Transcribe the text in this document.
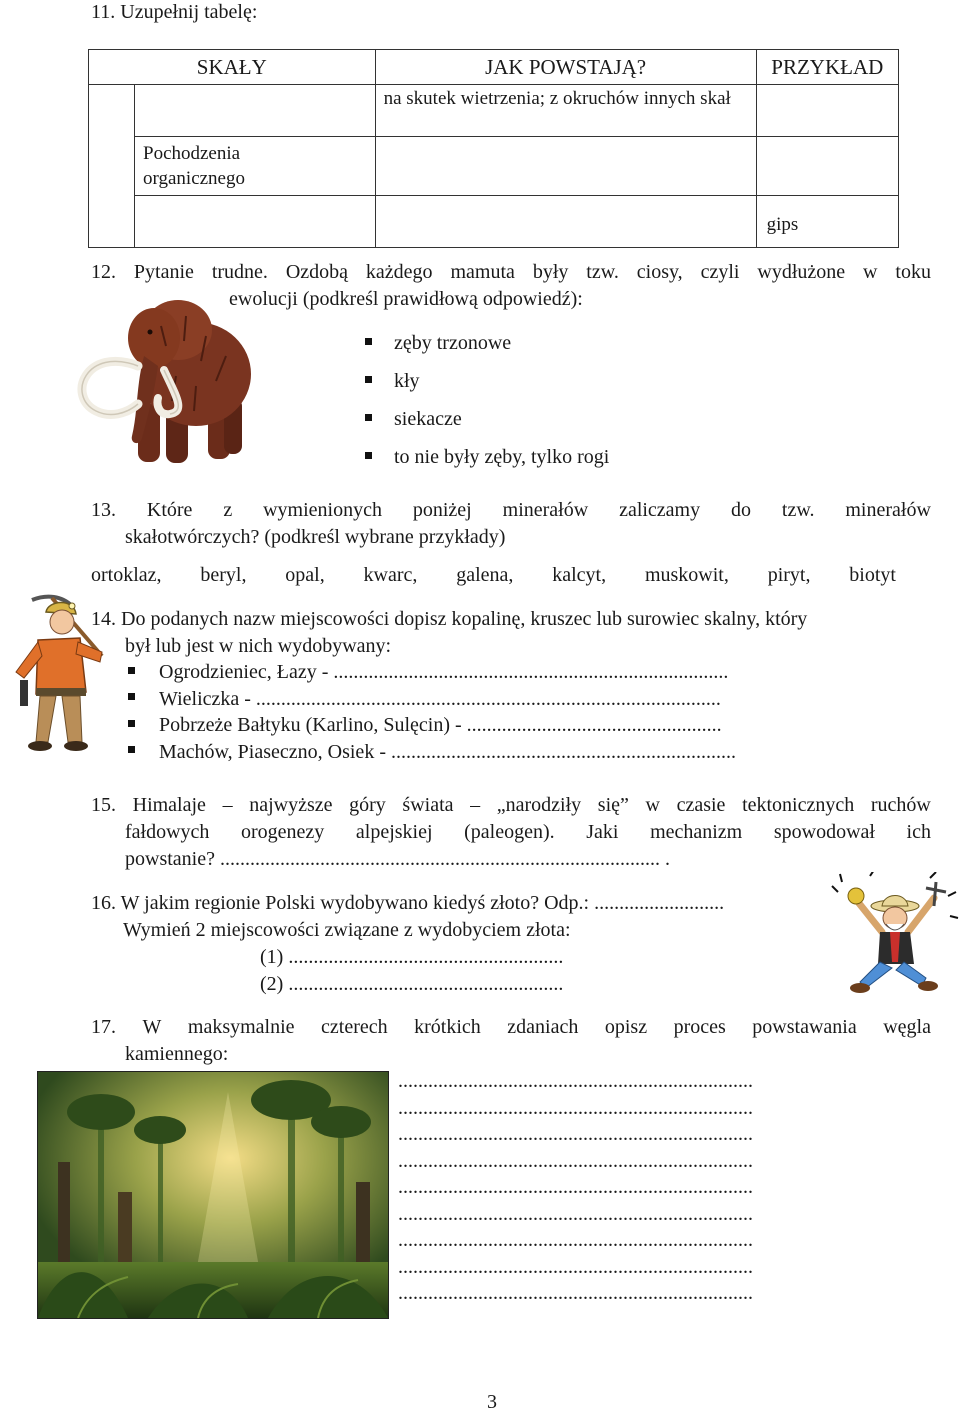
11. Uzupełnij tabelę:
SKAŁY		JAK POWSTAJĄ?	PRZYKŁAD

		na skutek wietrzenia; z okruchów innych skał	

	Pochodzenia organicznego		

			gips
12. Pytanie trudne. Ozdobą każdego mamuta były tzw. ciosy, czyli wydłużone w toku
ewolucji (podkreśl prawidłową odpowiedź):
zęby trzonowe
kły
siekacze
to nie były zęby, tylko rogi
13. Które z wymienionych poniżej minerałów zaliczamy do tzw. minerałów
skałotwórczych? (podkreśl wybrane przykłady)
ortoklaz, beryl, opal, kwarc, galena, kalcyt, muskowit, piryt, biotyt
14. Do podanych nazw miejscowości dopisz kopalinę, kruszec lub surowiec skalny, który
był lub jest w nich wydobywany:
Ogrodzieniec, Łazy - ...............................................................................
Wieliczka - .............................................................................................
Pobrzeże Bałtyku (Karlino, Sulęcin) - ...................................................
Machów, Piaseczno, Osiek - .....................................................................
15. Himalaje – najwyższe góry świata – „narodziły się” w czasie tektonicznych ruchów
fałdowych orogenezy alpejskiej (paleogen). Jaki mechanizm spowodował ich
powstanie? ........................................................................................ .
16. W jakim regionie Polski wydobywano kiedyś złoto? Odp.: ..........................
Wymień 2 miejscowości związane z wydobyciem złota:
(1) .......................................................
(2) .......................................................
17. W maksymalnie czterech krótkich zdaniach opisz proces powstawania węgla
kamiennego:
.......................................................................
.......................................................................
.......................................................................
.......................................................................
.......................................................................
.......................................................................
.......................................................................
.......................................................................
.......................................................................
3
